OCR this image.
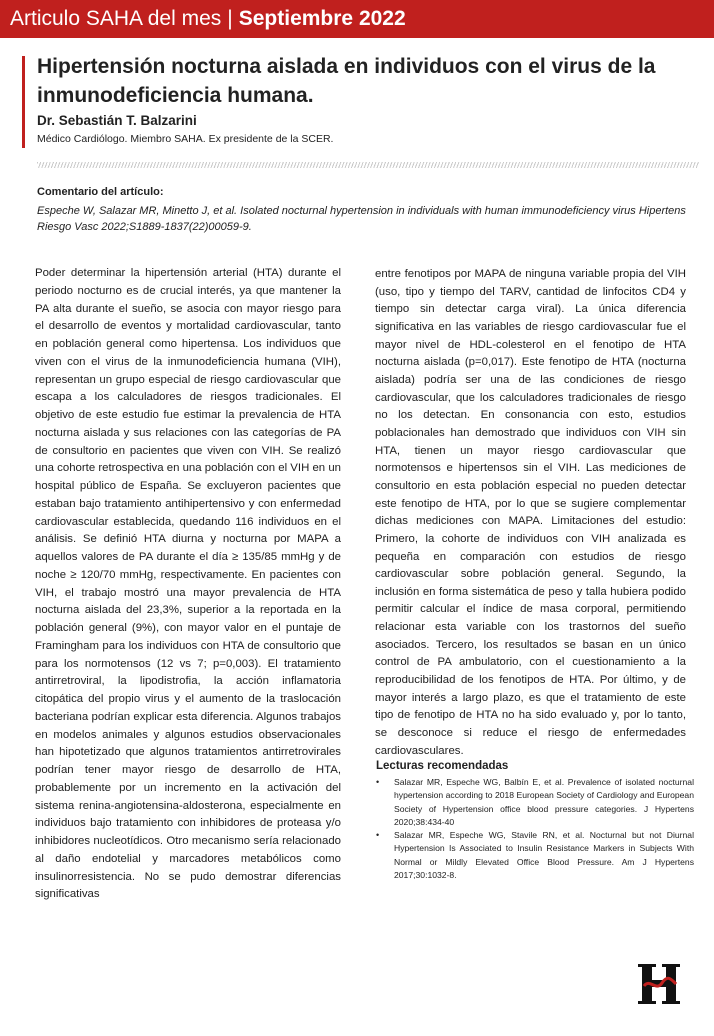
Articulo SAHA del mes | Septiembre 2022
Hipertensión nocturna aislada en individuos con el virus de la inmunodeficiencia humana.
Dr. Sebastián T. Balzarini
Médico Cardiólogo. Miembro SAHA. Ex presidente de la SCER.
Comentario del artículo:
Espeche W, Salazar MR, Minetto J, et al. Isolated nocturnal hypertension in individuals with human immunodeficiency virus Hipertens Riesgo Vasc 2022;S1889-1837(22)00059-9.
Poder determinar la hipertensión arterial (HTA) durante el periodo nocturno es de crucial interés, ya que mantener la PA alta durante el sueño, se asocia con mayor riesgo para el desarrollo de eventos y mortalidad cardiovascular, tanto en población general como hipertensa. Los individuos que viven con el virus de la inmunodeficiencia humana (VIH), representan un grupo especial de riesgo cardiovascular que escapa a los calculadores de riesgos tradicionales. El objetivo de este estudio fue estimar la prevalencia de HTA nocturna aislada y sus relaciones con las categorías de PA de consultorio en pacientes que viven con VIH. Se realizó una cohorte retrospectiva en una población con el VIH en un hospital público de España. Se excluyeron pacientes que estaban bajo tratamiento antihipertensivo y con enfermedad cardiovascular establecida, quedando 116 individuos en el análisis. Se definió HTA diurna y nocturna por MAPA a aquellos valores de PA durante el día ≥ 135/85 mmHg y de noche ≥ 120/70 mmHg, respectivamente. En pacientes con VIH, el trabajo mostró una mayor prevalencia de HTA nocturna aislada del 23,3%, superior a la reportada en la población general (9%), con mayor valor en el puntaje de Framingham para los individuos con HTA de consultorio que para los normotensos (12 vs 7; p=0,003). El tratamiento antirretroviral, la lipodistrofia, la acción inflamatoria citopática del propio virus y el aumento de la traslocación bacteriana podrían explicar esta diferencia. Algunos trabajos en modelos animales y algunos estudios observacionales han hipotetizado que algunos tratamientos antirretrovirales podrían tener mayor riesgo de desarrollo de HTA, probablemente por un incremento en la activación del sistema renina-angiotensina-aldosterona, especialmente en individuos bajo tratamiento con inhibidores de proteasa y/o inhibidores nucleotídicos. Otro mecanismo sería relacionado al daño endotelial y marcadores metabólicos como insulinorresistencia. No se pudo demostrar diferencias significativas
entre fenotipos por MAPA de ninguna variable propia del VIH (uso, tipo y tiempo del TARV, cantidad de linfocitos CD4 y tiempo sin detectar carga viral). La única diferencia significativa en las variables de riesgo cardiovascular fue el mayor nivel de HDL-colesterol en el fenotipo de HTA nocturna aislada (p=0,017). Este fenotipo de HTA (nocturna aislada) podría ser una de las condiciones de riesgo cardiovascular, que los calculadores tradicionales de riesgo no los detectan. En consonancia con esto, estudios poblacionales han demostrado que individuos con VIH sin HTA, tienen un mayor riesgo cardiovascular que normotensos e hipertensos sin el VIH. Las mediciones de consultorio en esta población especial no pueden detectar este fenotipo de HTA, por lo que se sugiere complementar dichas mediciones con MAPA. Limitaciones del estudio: Primero, la cohorte de individuos con VIH analizada es pequeña en comparación con estudios de riesgo cardiovascular sobre población general. Segundo, la inclusión en forma sistemática de peso y talla hubiera podido permitir calcular el índice de masa corporal, permitiendo relacionar esta variable con los trastornos del sueño asociados. Tercero, los resultados se basan en un único control de PA ambulatorio, con el cuestionamiento a la reproducibilidad de los fenotipos de HTA. Por último, y de mayor interés a largo plazo, es que el tratamiento de este tipo de fenotipo de HTA no ha sido evaluado y, por lo tanto, se desconoce si reduce el riesgo de enfermedades cardiovasculares.
Lecturas recomendadas
• Salazar MR, Espeche WG, Balbín E, et al. Prevalence of isolated nocturnal hypertension according to 2018 European Society of Cardiology and European Society of Hypertension office blood pressure categories. J Hypertens 2020;38:434-40
• Salazar MR, Espeche WG, Stavile RN, et al. Nocturnal but not Diurnal Hypertension Is Associated to Insulin Resistance Markers in Subjects With Normal or Mildly Elevated Office Blood Pressure. Am J Hypertens 2017;30:1032-8.
